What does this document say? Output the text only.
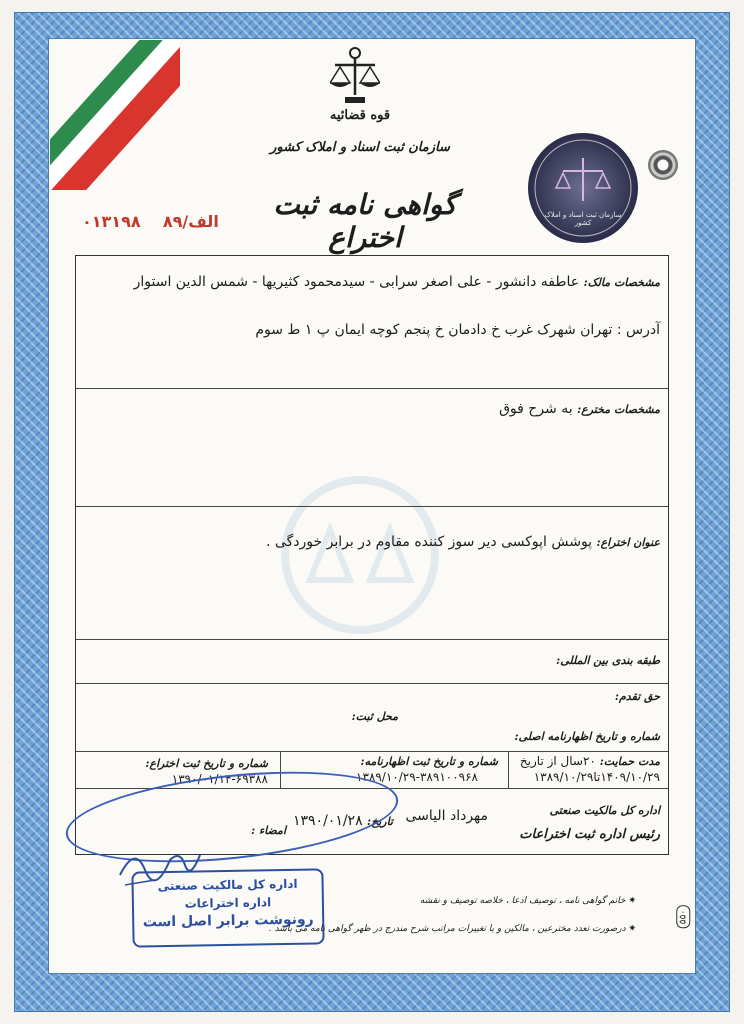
قوه قضائیه
سازمان ثبت اسناد و املاک کشور
گواهی نامه ثبت اختراع
سازمان ثبت اسناد و املاک کشور
الف/۸۹    ۰۱۳۱۹۸
مشخصات مالک: عاطفه دانشور - علی اصغر سرابی - سیدمحمود کثیریها - شمس الدین استوار
آدرس : تهران شهرک غرب خ دادمان خ پنجم کوچه ایمان پ ۱ ط سوم
مشخصات مخترع: به شرح فوق
عنوان اختراع: پوشش اپوکسی دیر سوز کننده مقاوم در برابر خوردگی .
طبقه بندی بین المللی:
حق تقدم:
محل ثبت:
شماره و تاریخ اظهارنامه اصلی:
مدت حمایت: ۲۰سال از تاریخ
۱۴۰۹/۱۰/۲۹تا۱۳۸۹/۱۰/۲۹
شماره و تاریخ ثبت اظهارنامه:
۱۳۸۹/۱۰/۲۹-۳۸۹۱۰۰۹۶۸
شماره و تاریخ ثبت اختراع:
۱۳۹۰/۰۱/۱۴-۶۹۳۸۸
اداره کل مالکیت صنعتی
رئیس اداره ثبت اختراعات
مهرداد الیاسی
تاریخ: ۱۳۹۰/۰۱/۲۸
امضاء :
اداره کل مالکیت صنعتی
اداره اختراعات
رونوشت برابر اصل است
✷ خاتم گواهی نامه ، توصیف ادعا ، خلاصه توصیف و نقشه
✷ درصورت تعدد مخترعین ، مالکین و یا تغییرات مراتب شرح مندرج در ظهر گواهی نامه می باشد .
۵۵۰
